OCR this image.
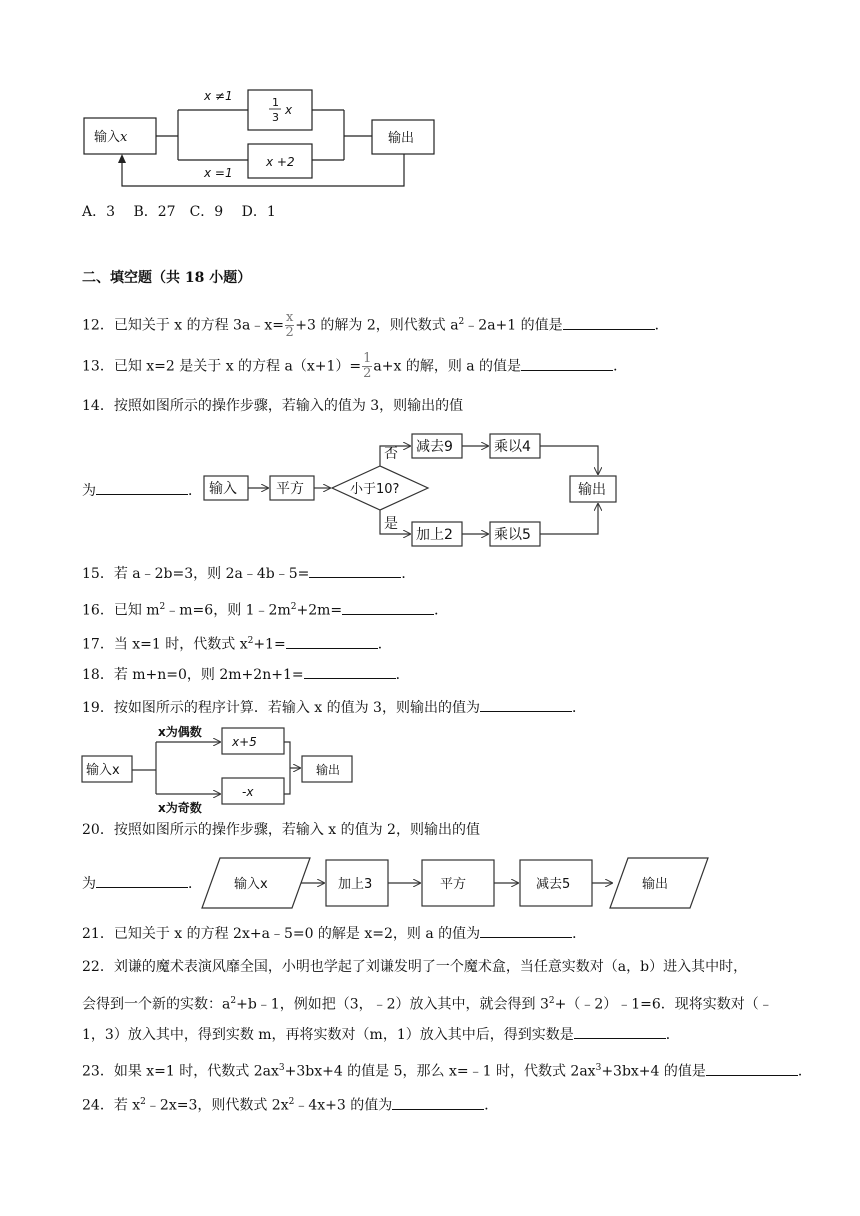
输入x
x ≠1
x =1
1
3
x
x +2
输出
A．3　 B．27　C．9　 D．1
二、填空题（共 18 小题）
12．已知关于 x 的方程 3a﹣x= $\frac{x}{2} +3$ 的解为 2，则代数式 $a^2﹣2a+1$ 的值是	．
13．已知 x=2 是关于 x 的方程 $a(x+1)= \frac{1}{2} a+x$ 的解，则 a 的值是	．
14．按照如图所示的操作步骤，若输入的值为 3，则输出的值
为	． 输入	平方	小于10?
否
是
减去9	乘以4
加上2	乘以5
输出
15．若 a﹣2b=3，则 2a﹣4b﹣5=	．
16．已知 $m^2﹣m=6$，则 $1﹣2m^2+2m=$	．
17．当 x=1 时，代数式 $x^2+1=$	．
18．若 m+n=0，则 2m+2n+1=	．
19．按如图所示的程序计算．若输入 x 的值为 3，则输出的值为	．
输入x
x为偶数
x为奇数
x+5
-x
输出
20．按照如图所示的操作步骤，若输入 x 的值为 2，则输出的值
为	． 输入x	加上3	平方	减去5	输出
21．已知关于 x 的方程 2x+a﹣5=0 的解是 x=2，则 a 的值为	．
22．刘谦的魔术表演风靡全国，小明也学起了刘谦发明了一个魔术盒，当任意实数对（a，b）进入其中时，
会得到一个新的实数：$a^2+b﹣1$，例如把（3，﹣2）放入其中，就会得到 $3^2+(﹣2)﹣1=6$．现将实数对（﹣
1，3）放入其中，得到实数 m，再将实数对（m，1）放入其中后，得到实数是	．
23．如果 x=1 时，代数式 $2ax^3+3bx+4$ 的值是 5，那么 x=﹣1 时，代数式 $2ax^3+3bx+4$ 的值是	．
24．若 $x^2﹣2x=3$，则代数式 $2x^2﹣4x+3$ 的值为	．
